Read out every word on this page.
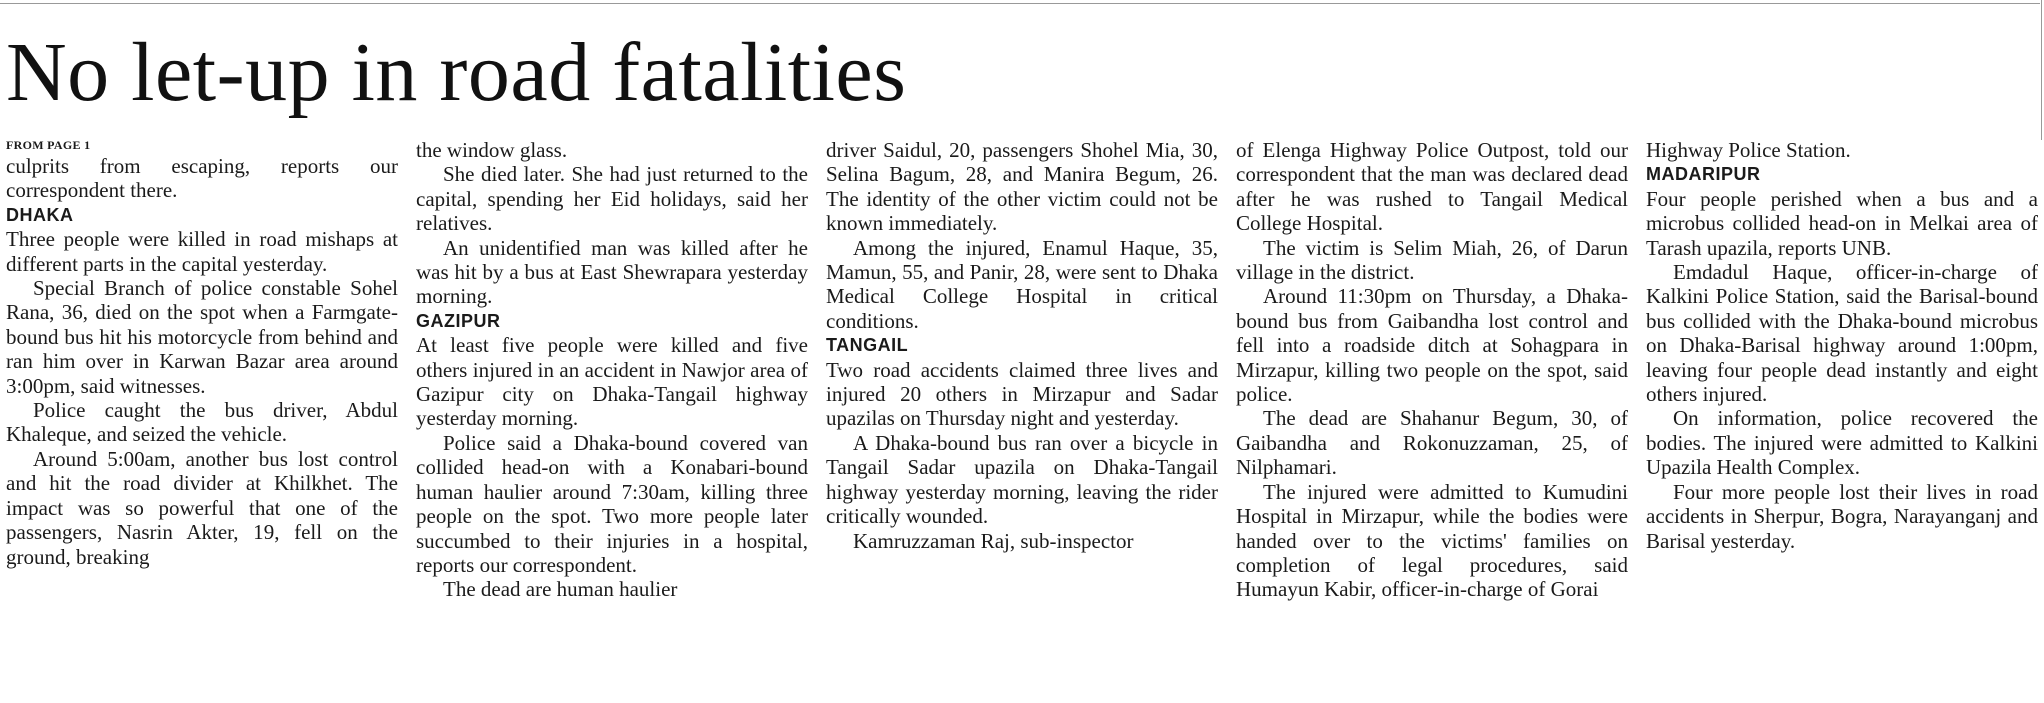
No let-up in road fatalities
FROM PAGE 1

culprits from escaping, reports our correspondent there.

DHAKA

Three people were killed in road mishaps at different parts in the capital yesterday.

Special Branch of police constable Sohel Rana, 36, died on the spot when a Farmgate-bound bus hit his motorcycle from behind and ran him over in Karwan Bazar area around 3:00pm, said witnesses.

Police caught the bus driver, Abdul Khaleque, and seized the vehicle.

Around 5:00am, another bus lost control and hit the road divider at Khilkhet. The impact was so powerful that one of the passengers, Nasrin Akter, 19, fell on the ground, breaking

the window glass.

She died later. She had just returned to the capital, spending her Eid holidays, said her relatives.

An unidentified man was killed after he was hit by a bus at East Shewrapara yesterday morning.

GAZIPUR

At least five people were killed and five others injured in an accident in Nawjor area of Gazipur city on Dhaka-Tangail highway yesterday morning.

Police said a Dhaka-bound covered van collided head-on with a Konabari-bound human haulier around 7:30am, killing three people on the spot. Two more people later succumbed to their injuries in a hospital, reports our correspondent.

The dead are human haulier

driver Saidul, 20, passengers Shohel Mia, 30, Selina Bagum, 28, and Manira Begum, 26. The identity of the other victim could not be known immediately.

Among the injured, Enamul Haque, 35, Mamun, 55, and Panir, 28, were sent to Dhaka Medical College Hospital in critical conditions.

TANGAIL

Two road accidents claimed three lives and injured 20 others in Mirzapur and Sadar upazilas on Thursday night and yesterday.

A Dhaka-bound bus ran over a bicycle in Tangail Sadar upazila on Dhaka-Tangail highway yesterday morning, leaving the rider critically wounded.

Kamruzzaman Raj, sub-inspector

of Elenga Highway Police Outpost, told our correspondent that the man was declared dead after he was rushed to Tangail Medical College Hospital.

The victim is Selim Miah, 26, of Darun village in the district.

Around 11:30pm on Thursday, a Dhaka-bound bus from Gaibandha lost control and fell into a roadside ditch at Sohagpara in Mirzapur, killing two people on the spot, said police.

The dead are Shahanur Begum, 30, of Gaibandha and Rokonuzzaman, 25, of Nilphamari.

The injured were admitted to Kumudini Hospital in Mirzapur, while the bodies were handed over to the victims' families on completion of legal procedures, said Humayun Kabir, officer-in-charge of Gorai

Highway Police Station.

MADARIPUR

Four people perished when a bus and a microbus collided head-on in Melkai area of Tarash upazila, reports UNB.

Emdadul Haque, officer-in-charge of Kalkini Police Station, said the Barisal-bound bus collided with the Dhaka-bound microbus on Dhaka-Barisal highway around 1:00pm, leaving four people dead instantly and eight others injured.

On information, police recovered the bodies. The injured were admitted to Kalkini Upazila Health Complex.

Four more people lost their lives in road accidents in Sherpur, Bogra, Narayanganj and Barisal yesterday.
